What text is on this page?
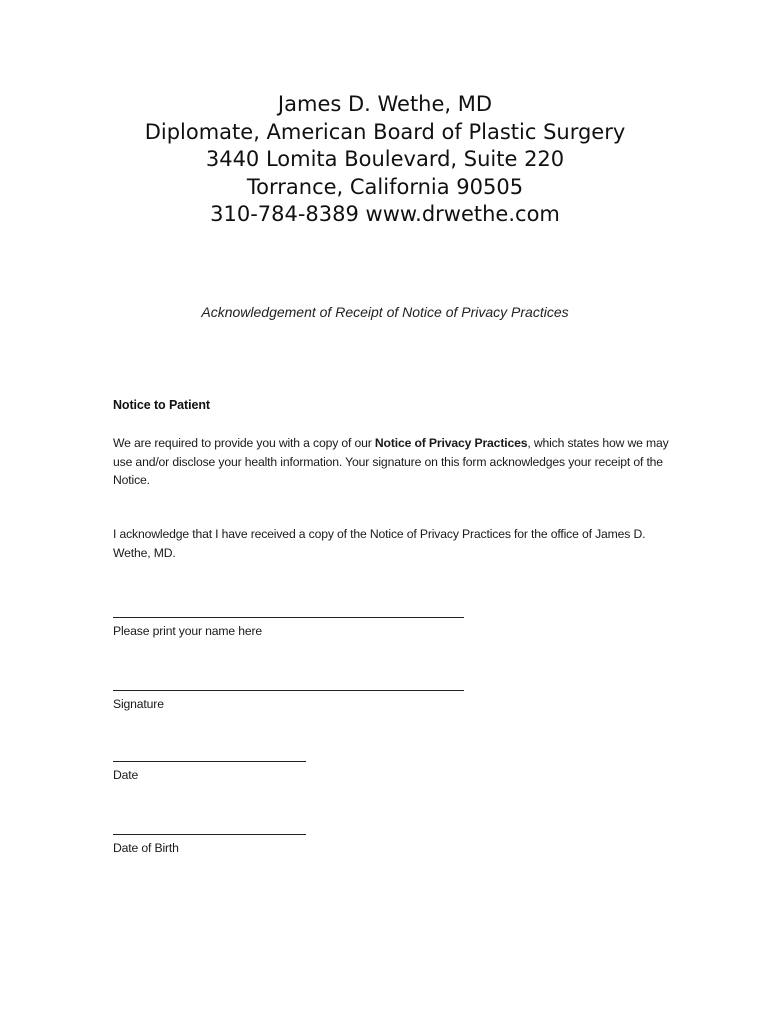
James D. Wethe, MD
Diplomate, American Board of Plastic Surgery
3440 Lomita Boulevard, Suite 220
Torrance, California 90505
310-784-8389 www.drwethe.com
Acknowledgement of Receipt of Notice of Privacy Practices
Notice to Patient
We are required to provide you with a copy of our Notice of Privacy Practices, which states how we may use and/or disclose your health information. Your signature on this form acknowledges your receipt of the Notice.
I acknowledge that I have received a copy of the Notice of Privacy Practices for the office of James D. Wethe, MD.
Please print your name here
Signature
Date
Date of Birth
